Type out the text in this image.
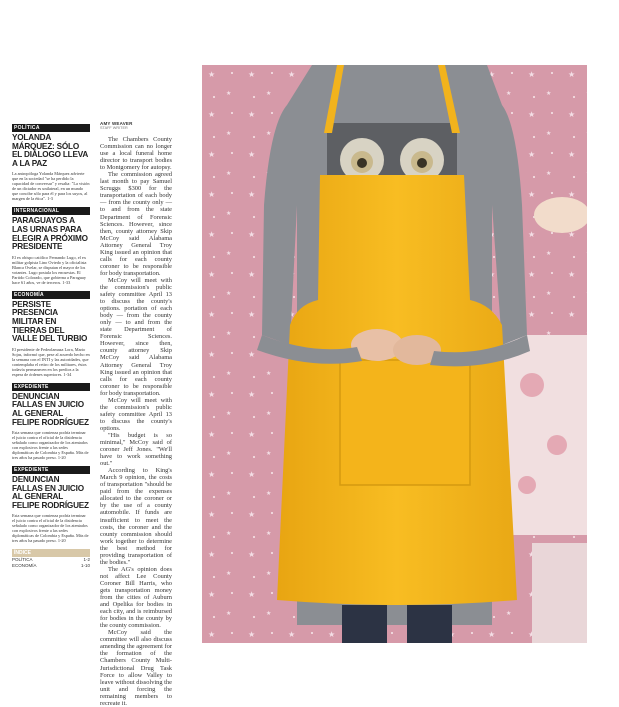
POLÍTICA
YOLANDA MÁRQUEZ: SÓLO EL DIÁLOGO LLEVA A LA PAZ
La antropóloga Yolanda Márquez advierte que en la sociedad "se ha perdido la capacidad de conversar" y resalta: "La visión de un dictador es unilateral, en un mundo que concibe sólo para él y para los suyos, al margen de la ética". 1-3
INTERNACIONAL
PARAGUAYOS A LAS URNAS PARA ELEGIR A PRÓXIMO PRESIDENTE
El ex obispo católico Fernando Lugo, el ex militar golpista Lino Oviedo y la oficialista Blanca Ovelar, se disputan el mayor de los votantes. Lugo postula los encuestas. El Partido Colorado, que gobierna a Paraguay hace 61 años, ve de terceros. 1-33
ECONOMÍA
PERSISTE PRESENCIA MILITAR EN TIERRAS DEL VALLE DEL TURBIO
El presidente de Fedeolamaza Lora, Mario Sojas, informó que, pese al acuerdo hecho en la semana con el INTI y las autoridades, que contemplaba el retiro de los militares, éstos todavía permanecen en los predios a la espera de órdenes superiores. 1-34
EXPEDIENTE
DENUNCIAN FALLAS EN JUICIO AL GENERAL FELIPE RODRÍGUEZ
Esta semana que comienza podría terminar el juicio contra el oficial de la disidencia señalado como organizador de los atentados con explosivos frente a las sedes diplomáticas de Colombia y España. Más de tres años ha pasado preso. 1-20
EXPEDIENTE
DENUNCIAN FALLAS EN JUICIO AL GENERAL FELIPE RODRÍGUEZ
Esta semana que comienza podría terminar el juicio contra el oficial de la disidencia señalado como organizador de los atentados con explosivos frente a las sedes diplomáticas de Colombia y España. Más de tres años ha pasado preso. 1-20
ÍNDICE
POLÍTICA	1-2
ECONOMÍA	1-10
AMY WEAVER
STAFF WRITER

The Chambers County Commission can no longer use a local funeral home director to transport bodies to Montgomery for autopsy.

The commission agreed last month to pay Samuel Scruggs $300 for the transportation of each body — from the county only — to and from the state Department of Forensic Sciences. However, since then, county attorney Skip McCoy said Alabama Attorney General Troy King issued an opinion that calls for each county coroner to be responsible for body transportation.

McCoy will meet with the commission's public safety committee April 13 to discuss the county's options. portation of each body — from the county only — to and from the state Department of Forensic Sciences. However, since then, county attorney Skip McCoy said Alabama Attorney General Troy King issued an opinion that calls for each county coroner to be responsible for body transportation.

McCoy will meet with the commission's public safety committee April 13 to discuss the county's options.

"His budget is so minimal," McCoy said of coroner Jeff Jones. "We'll have to work something out."

According to King's March 9 opinion, the costs of transportation "should be paid from the expenses allocated to the coroner or by the use of a county automobile. If funds are insufficient to meet the costs, the coroner and the county commission should work together to determine the best method for providing transportation of the bodies."

The AG's opinion does not affect Lee County Coroner Bill Harris, who gets transportation money from the cities of Auburn and Opelika for bodies in each city, and is reimbursed for bodies in the county by the county commission.

McCoy said the committee will also discuss amending the agreement for the formation of the Chambers County Multi-Jurisdictional Drug Task Force to allow Valley to leave without dissolving the unit and forcing the remaining members to recreate it.
